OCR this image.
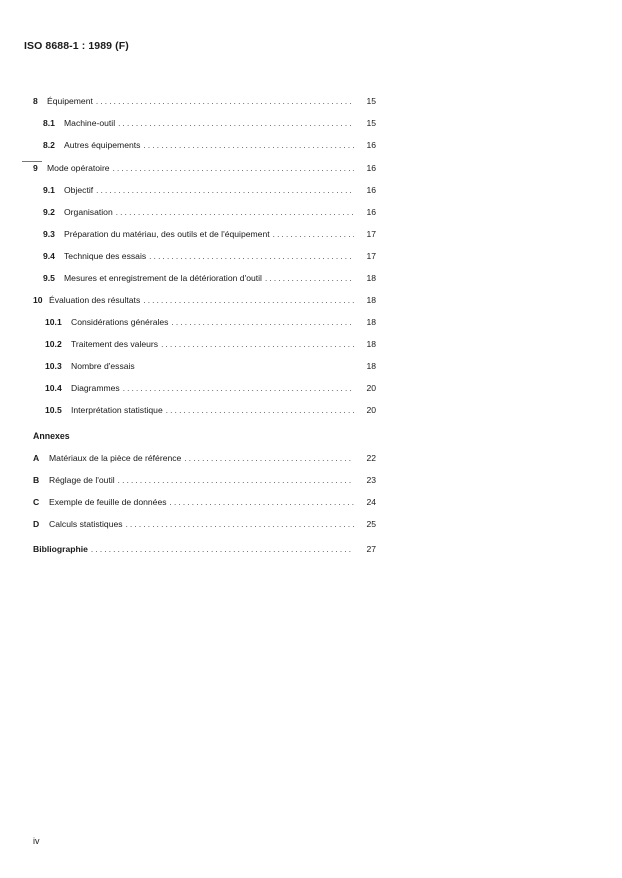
ISO 8688-1 : 1989 (F)
8	Équipement . . .	15
8.1	Machine-outil . . .	15
8.2	Autres équipements . . .	16
9	Mode opératoire . . .	16
9.1	Objectif . . .	16
9.2	Organisation . . .	16
9.3	Préparation du matériau, des outils et de l'équipement . . .	17
9.4	Technique des essais . . .	17
9.5	Mesures et enregistrement de la détérioration d'outil . . .	18
10 Évaluation des résultats . . .	18
10.1	Considérations générales . . .	18
10.2	Traitement des valeurs . . .	18
10.3	Nombre d'essais	18
10.4	Diagrammes . . .	20
10.5	Interprétation statistique . . .	20
Annexes
A	Matériaux de la pièce de référence . . .	22
B	Réglage de l'outil . . .	23
C	Exemple de feuille de données . . .	24
D	Calculs statistiques . . .	25
Bibliographie . . .	27
iv
